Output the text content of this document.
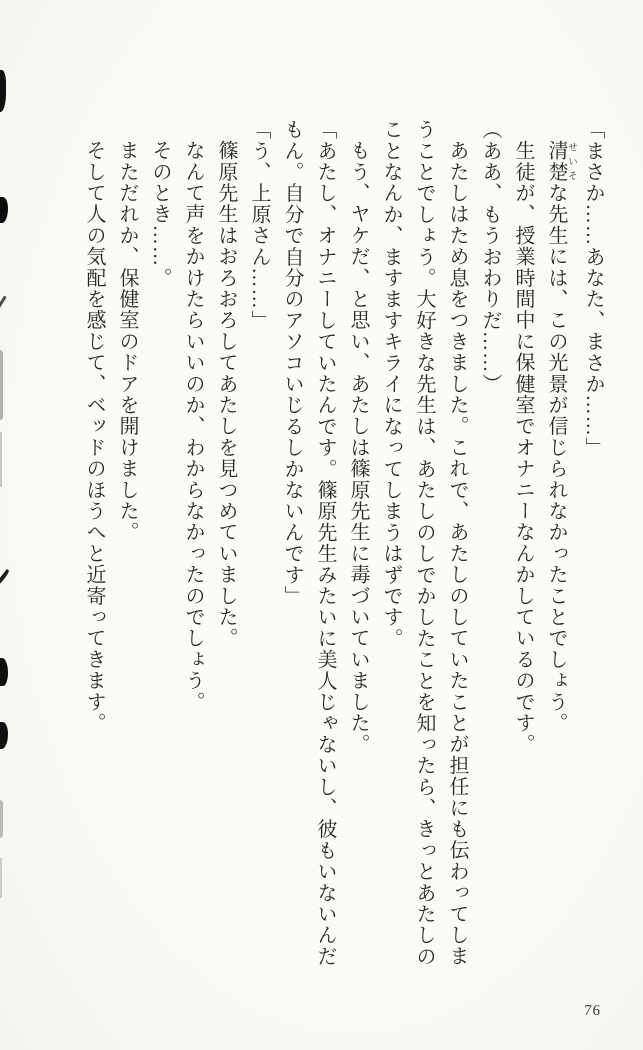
「まさか……あなた、まさか……」

清楚 せいそな先生には、この光景が信じられなかったことでしょう。

生徒が、授業時間中に保健室でオナニーなんかしているのです。

（ああ、もうおわりだ……）

あたしはため息をつきました。これで、あたしのしていたことが担任にも伝わってしまうことでしょう。大好きな先生は、あたしのしでかしたことを知ったら、きっとあたしのことなんか、ますますキライになってしまうはずです。

もう、ヤケだ、と思い、あたしは篠原先生に毒づいていました。

「あたし、オナニーしていたんです。篠原先生みたいに美人じゃないし、彼もいないんだもん。自分で自分のアソコいじるしかないんです」

「う、上原さん……」

篠原先生はおろおろしてあたしを見つめていました。

なんて声をかけたらいいのか、わからなかったのでしょう。

そのとき……。

まただれか、保健室のドアを開けました。

そして人の気配を感じて、ベッドのほうへと近寄ってきます。

76
